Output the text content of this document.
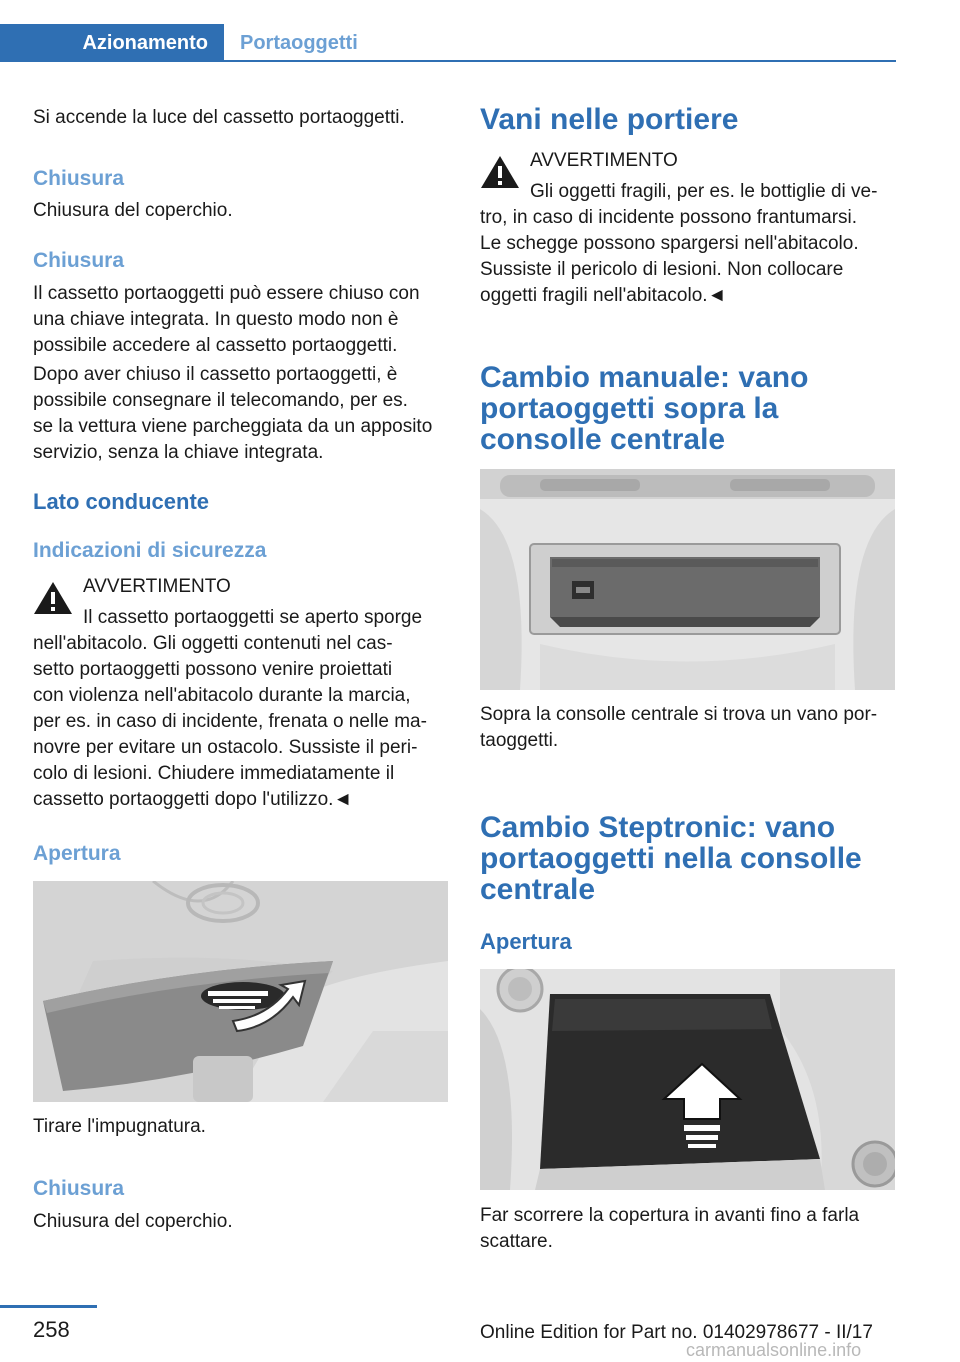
Azionamento	Portaoggetti
Si accende la luce del cassetto portaoggetti.
Chiusura
Chiusura del coperchio.
Chiusura
Il cassetto portaoggetti può essere chiuso con
una chiave integrata. In questo modo non è
possibile accedere al cassetto portaoggetti.
Dopo aver chiuso il cassetto portaoggetti, è
possibile consegnare il telecomando, per es.
se la vettura viene parcheggiata da un apposito
servizio, senza la chiave integrata.
Lato conducente
Indicazioni di sicurezza
AVVERTIMENTO
Il cassetto portaoggetti se aperto sporge
nell'abitacolo. Gli oggetti contenuti nel cas-
setto portaoggetti possono venire proiettati
con violenza nell'abitacolo durante la marcia,
per es. in caso di incidente, frenata o nelle ma-
novre per evitare un ostacolo. Sussiste il peri-
colo di lesioni. Chiudere immediatamente il
cassetto portaoggetti dopo l'utilizzo.◄
Apertura
Tirare l'impugnatura.
Chiusura
Chiusura del coperchio.
Vani nelle portiere
AVVERTIMENTO
Gli oggetti fragili, per es. le bottiglie di ve-
tro, in caso di incidente possono frantumarsi.
Le schegge possono spargersi nell'abitacolo.
Sussiste il pericolo di lesioni. Non collocare
oggetti fragili nell'abitacolo.◄
Cambio manuale: vano
portaoggetti sopra la
consolle centrale
Sopra la consolle centrale si trova un vano por-
taoggetti.
Cambio Steptronic: vano
portaoggetti nella consolle
centrale
Apertura
Far scorrere la copertura in avanti fino a farla
scattare.
258	Online Edition for Part no. 01402978677 - II/17
carmanualsonline.info
